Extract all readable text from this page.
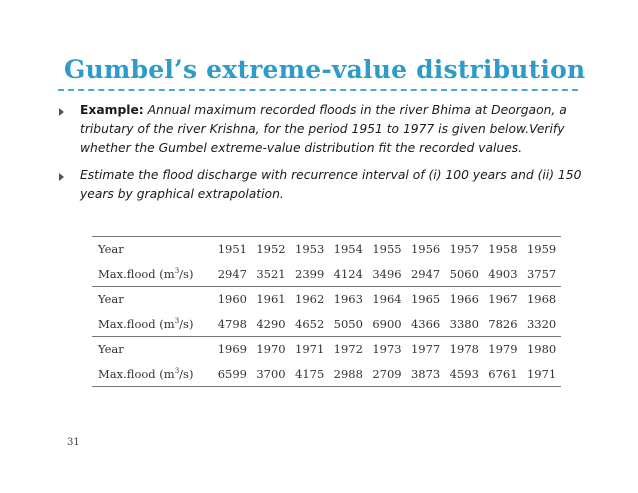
Gumbel’s extreme-value distribution
Example: Annual maximum recorded floods in the river Bhima at Deorgaon, a tributary of the river Krishna, for the period 1951 to 1977 is given below.Verify whether the Gumbel extreme-value distribution fit the recorded values.
Estimate the flood discharge with recurrence interval of (i) 100 years and (ii) 150 years by graphical extrapolation.
Year	1951	1952	1953	1954	1955	1956	1957	1958	1959
Max.flood $(m^3/s)$	2947	3521	2399	4124	3496	2947	5060	4903	3757
Year	1960	1961	1962	1963	1964	1965	1966	1967	1968
Max.flood $(m^3/s)$	4798	4290	4652	5050	6900	4366	3380	7826	3320
Year	1969	1970	1971	1972	1973	1977	1978	1979	1980
Max.flood $(m^3/s)$	6599	3700	4175	2988	2709	3873	4593	6761	1971
31
